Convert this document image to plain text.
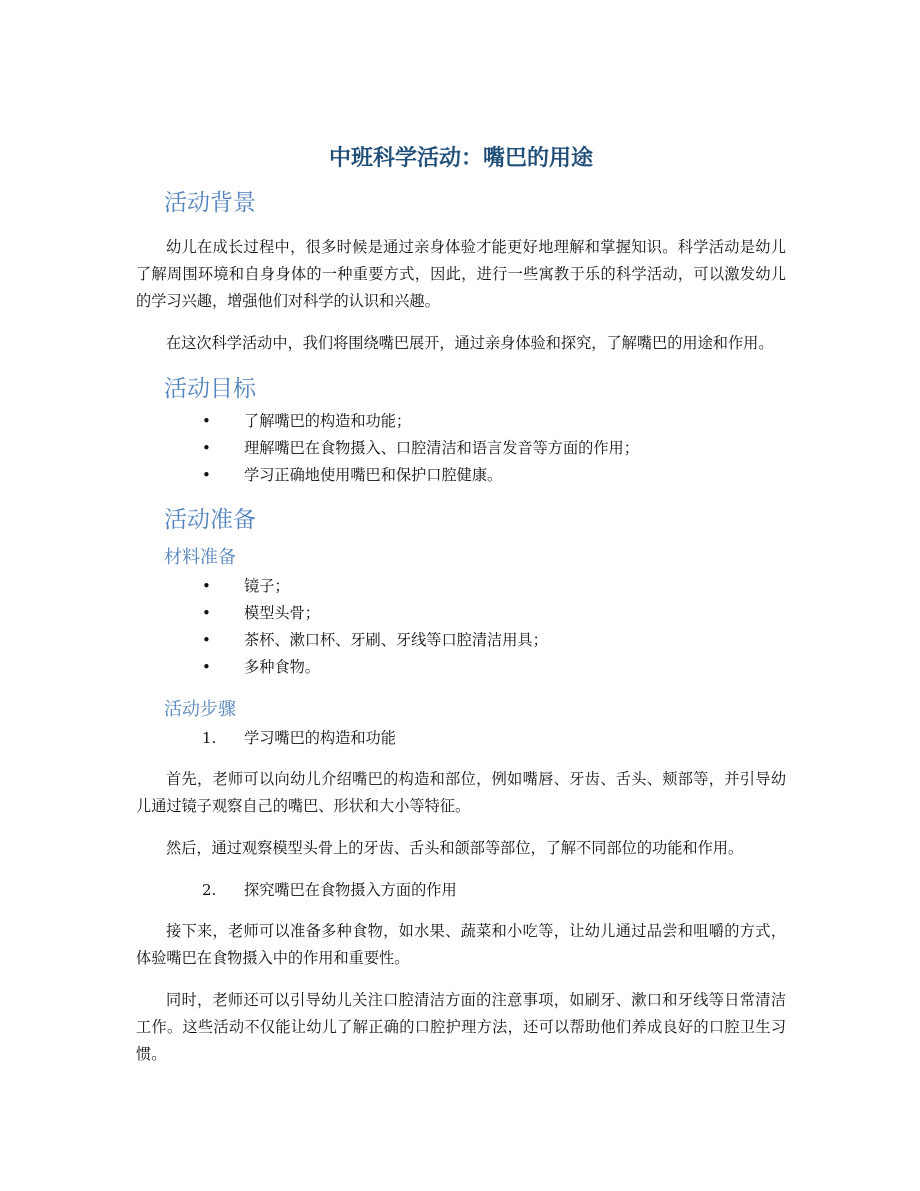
中班科学活动：嘴巴的用途
活动背景

幼儿在成长过程中，很多时候是通过亲身体验才能更好地理解和掌握知识。科学活动是幼儿了解周围环境和自身身体的一种重要方式，因此，进行一些寓教于乐的科学活动，可以激发幼儿的学习兴趣，增强他们对科学的认识和兴趣。

在这次科学活动中，我们将围绕嘴巴展开，通过亲身体验和探究，了解嘴巴的用途和作用。

活动目标
• 了解嘴巴的构造和功能；
• 理解嘴巴在食物摄入、口腔清洁和语言发音等方面的作用；
• 学习正确地使用嘴巴和保护口腔健康。
活动准备
材料准备
• 镜子；
• 模型头骨；
• 茶杯、漱口杯、牙刷、牙线等口腔清洁用具；
• 多种食物。
活动步骤
1. 学习嘴巴的构造和功能

首先，老师可以向幼儿介绍嘴巴的构造和部位，例如嘴唇、牙齿、舌头、颊部等，并引导幼儿通过镜子观察自己的嘴巴、形状和大小等特征。

然后，通过观察模型头骨上的牙齿、舌头和颌部等部位，了解不同部位的功能和作用。

2. 探究嘴巴在食物摄入方面的作用

接下来，老师可以准备多种食物，如水果、蔬菜和小吃等，让幼儿通过品尝和咀嚼的方式，体验嘴巴在食物摄入中的作用和重要性。

同时，老师还可以引导幼儿关注口腔清洁方面的注意事项，如刷牙、漱口和牙线等日常清洁工作。这些活动不仅能让幼儿了解正确的口腔护理方法，还可以帮助他们养成良好的口腔卫生习惯。
